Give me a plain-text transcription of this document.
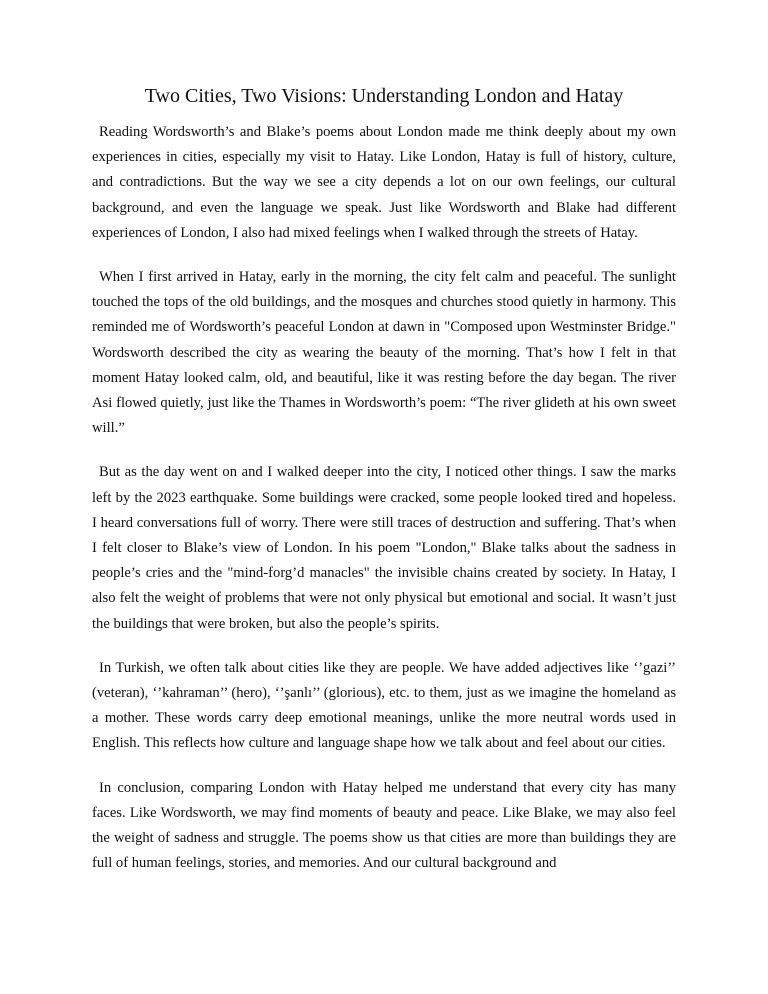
Two Cities, Two Visions: Understanding London and Hatay

Reading Wordsworth’s and Blake’s poems about London made me think deeply about my own experiences in cities, especially my visit to Hatay. Like London, Hatay is full of history, culture, and contradictions. But the way we see a city depends a lot on our own feelings, our cultural background, and even the language we speak. Just like Wordsworth and Blake had different experiences of London, I also had mixed feelings when I walked through the streets of Hatay.

When I first arrived in Hatay, early in the morning, the city felt calm and peaceful. The sunlight touched the tops of the old buildings, and the mosques and churches stood quietly in harmony. This reminded me of Wordsworth’s peaceful London at dawn in "Composed upon Westminster Bridge." Wordsworth described the city as wearing the beauty of the morning. That’s how I felt in that moment Hatay looked calm, old, and beautiful, like it was resting before the day began. The river Asi flowed quietly, just like the Thames in Wordsworth’s poem: “The river glideth at his own sweet will.”

But as the day went on and I walked deeper into the city, I noticed other things. I saw the marks left by the 2023 earthquake. Some buildings were cracked, some people looked tired and hopeless. I heard conversations full of worry. There were still traces of destruction and suffering. That’s when I felt closer to Blake’s view of London. In his poem "London," Blake talks about the sadness in people’s cries and the "mind-forg’d manacles" the invisible chains created by society. In Hatay, I also felt the weight of problems that were not only physical but emotional and social. It wasn’t just the buildings that were broken, but also the people’s spirits.

In Turkish, we often talk about cities like they are people. We have added adjectives like ‘’gazi’’ (veteran), ‘’kahraman’’ (hero), ‘’şanlı’’ (glorious), etc. to them, just as we imagine the homeland as a mother. These words carry deep emotional meanings, unlike the more neutral words used in English. This reflects how culture and language shape how we talk about and feel about our cities.

In conclusion, comparing London with Hatay helped me understand that every city has many faces. Like Wordsworth, we may find moments of beauty and peace. Like Blake, we may also feel the weight of sadness and struggle. The poems show us that cities are more than buildings they are full of human feelings, stories, and memories. And our cultural background and
